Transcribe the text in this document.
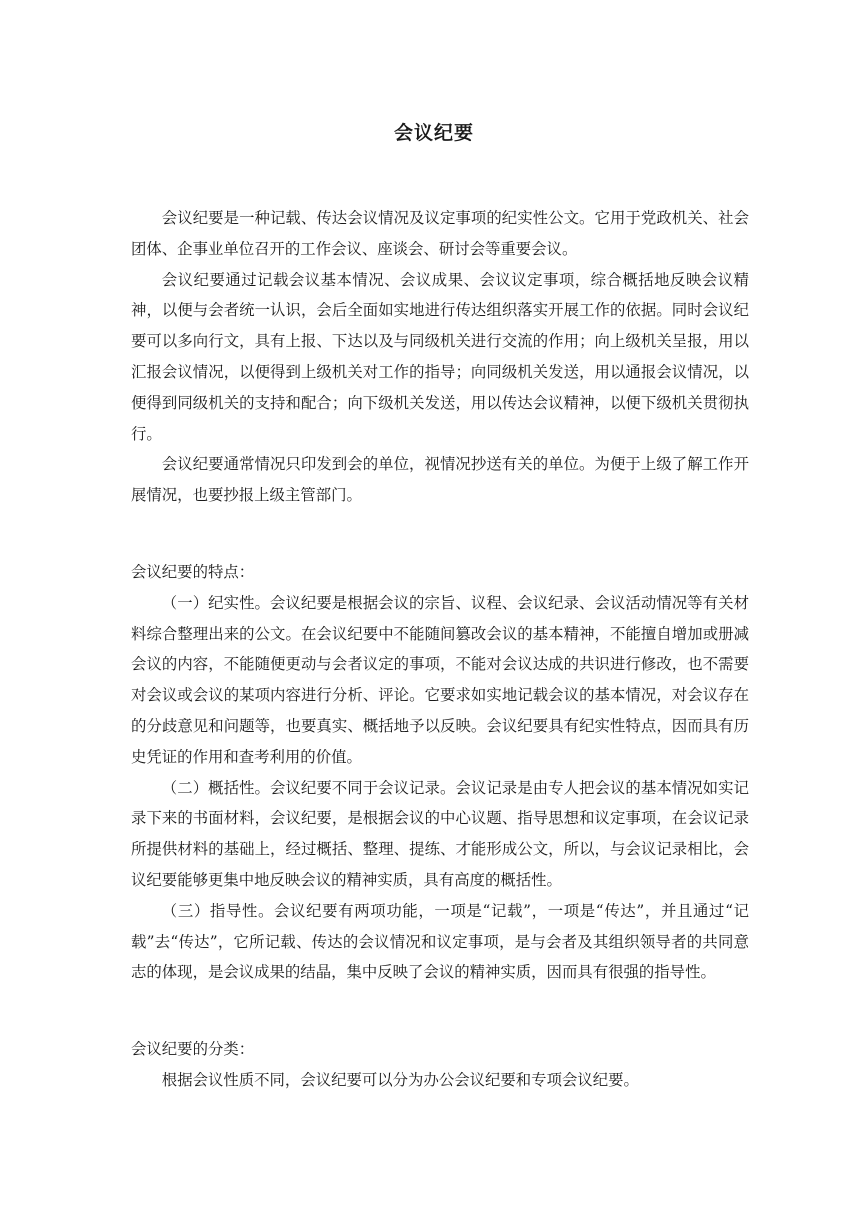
会议纪要

会议纪要是一种记载、传达会议情况及议定事项的纪实性公文。它用于党政机关、社会团体、企事业单位召开的工作会议、座谈会、研讨会等重要会议。

会议纪要通过记载会议基本情况、会议成果、会议议定事项，综合概括地反映会议精神，以便与会者统一认识，会后全面如实地进行传达组织落实开展工作的依据。同时会议纪要可以多向行文，具有上报、下达以及与同级机关进行交流的作用；向上级机关呈报，用以汇报会议情况，以便得到上级机关对工作的指导；向同级机关发送，用以通报会议情况，以便得到同级机关的支持和配合；向下级机关发送，用以传达会议精神，以便下级机关贯彻执行。

会议纪要通常情况只印发到会的单位，视情况抄送有关的单位。为便于上级了解工作开展情况，也要抄报上级主管部门。

会议纪要的特点：

（一）纪实性。会议纪要是根据会议的宗旨、议程、会议纪录、会议活动情况等有关材料综合整理出来的公文。在会议纪要中不能随间篡改会议的基本精神，不能擅自增加或册减会议的内容，不能随便更动与会者议定的事项，不能对会议达成的共识进行修改，也不需要对会议或会议的某项内容进行分析、评论。它要求如实地记载会议的基本情况，对会议存在的分歧意见和问题等，也要真实、概括地予以反映。会议纪要具有纪实性特点，因而具有历史凭证的作用和查考利用的价值。

（二）概括性。会议纪要不同于会议记录。会议记录是由专人把会议的基本情况如实记录下来的书面材料，会议纪要，是根据会议的中心议题、指导思想和议定事项，在会议记录所提供材料的基础上，经过概括、整理、提练、才能形成公文，所以，与会议记录相比，会议纪要能够更集中地反映会议的精神实质，具有高度的概括性。

（三）指导性。会议纪要有两项功能，一项是“记载”，一项是“传达”，并且通过“记载”去“传达”，它所记载、传达的会议情况和议定事项，是与会者及其组织领导者的共同意志的体现，是会议成果的结晶，集中反映了会议的精神实质，因而具有很强的指导性。

会议纪要的分类：

根据会议性质不同，会议纪要可以分为办公会议纪要和专项会议纪要。
